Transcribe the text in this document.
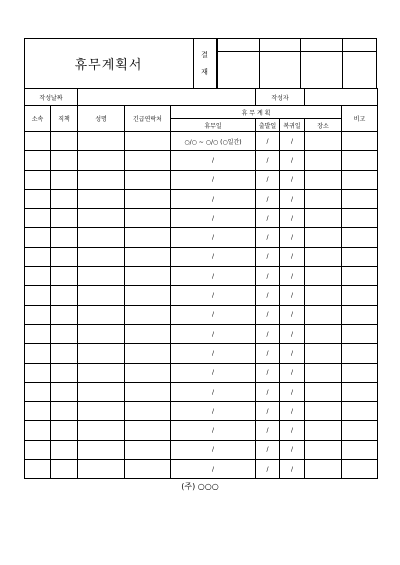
휴무계획서
결
재

작성날짜					작성자			
소속	직책	성명	긴급연락처	휴 무 계 획				비고
				휴무일	출발일	복귀일	장소	
				○/○ ~ ○/○ (○일간)	/	/		
				/	/	/		
				/	/	/		
				/	/	/		
				/	/	/		
				/	/	/		
				/	/	/		
				/	/	/		
				/	/	/		
				/	/	/		
				/	/	/		
				/	/	/		
				/	/	/		
				/	/	/		
				/	/	/		
				/	/	/		
				/	/	/		
				/	/	/		
(주) ○○○
